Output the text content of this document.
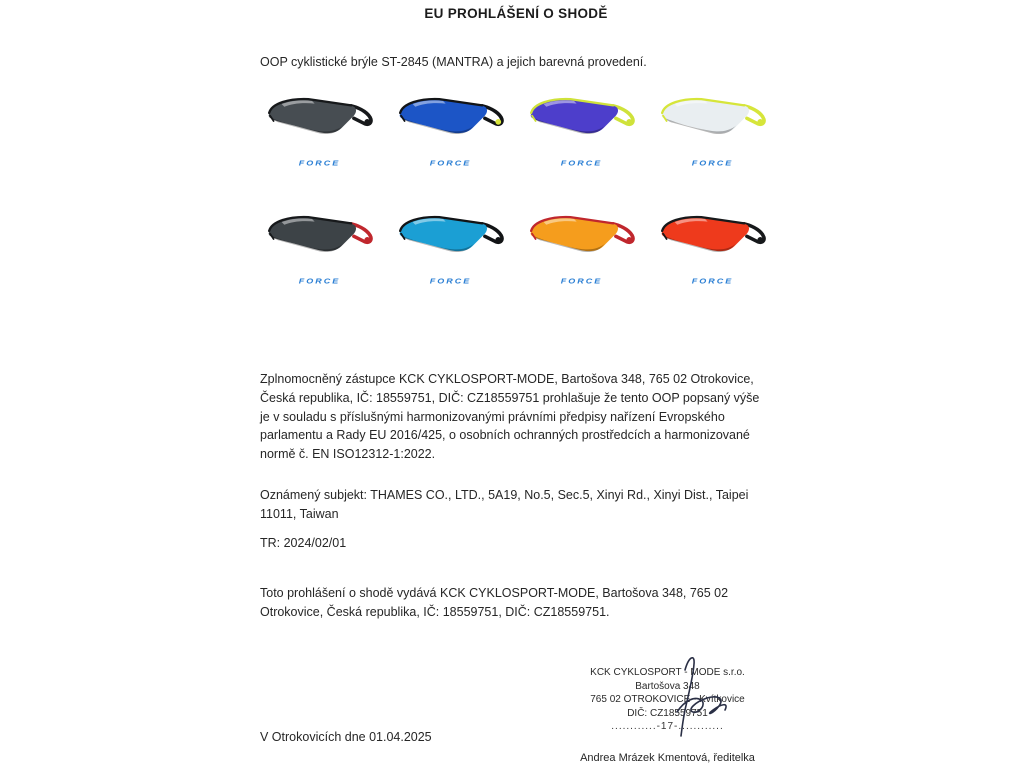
EU PROHLÁŠENÍ O SHODĚ
OOP cyklistické brýle ST-2845 (MANTRA) a jejich barevná provedení.
FORCE	FORCE	FORCE	FORCE
FORCE	FORCE	FORCE	FORCE
Zplnomocněný zástupce KCK CYKLOSPORT-MODE, Bartošova 348, 765 02 Otrokovice, Česká republika, IČ: 18559751, DIČ: CZ18559751 prohlašuje že tento OOP popsaný výše je v souladu s příslušnými harmonizovanými právními předpisy nařízení Evropského parlamentu a Rady EU 2016/425, o osobních ochranných prostředcích a harmonizované normě č. EN ISO12312-1:2022.
Oznámený subjekt: THAMES CO., LTD., 5A19, No.5, Sec.5, Xinyi Rd., Xinyi Dist., Taipei 11011, Taiwan
TR: 2024/02/01
Toto prohlášení o shodě vydává KCK CYKLOSPORT-MODE, Bartošova 348, 765 02 Otrokovice, Česká republika, IČ: 18559751, DIČ: CZ18559751.
V Otrokovicích dne 01.04.2025
KCK CYKLOSPORT - MODE s.r.o.
Bartošova 348
765 02 OTROKOVICE - Kvítkovice
DIČ: CZ18559751
............-17-............
Andrea Mrázek Kmentová, ředitelka
